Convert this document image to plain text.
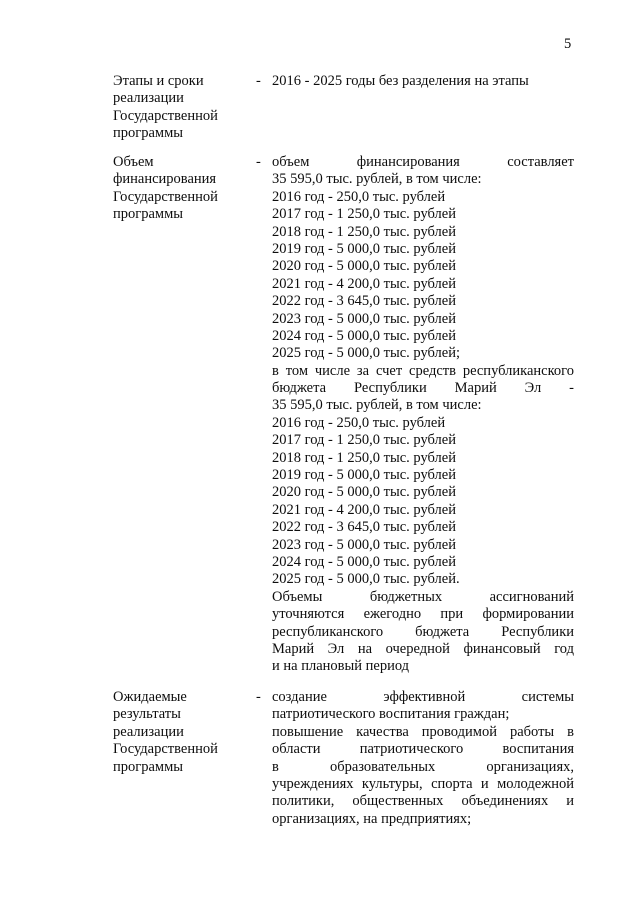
5
Этапы и сроки
реализации
Государственной
программы
- 2016 - 2025 годы без разделения на этапы
Объем
финансирования
Государственной
программы
- объем финансирования составляет
35 595,0 тыс. рублей, в том числе:
2016 год - 250,0 тыс. рублей
2017 год - 1 250,0 тыс. рублей
2018 год - 1 250,0 тыс. рублей
2019 год - 5 000,0 тыс. рублей
2020 год - 5 000,0 тыс. рублей
2021 год - 4 200,0 тыс. рублей
2022 год - 3 645,0 тыс. рублей
2023 год - 5 000,0 тыс. рублей
2024 год - 5 000,0 тыс. рублей
2025 год - 5 000,0 тыс. рублей;
в том числе за счет средств республиканского
бюджета Республики Марий Эл -
35 595,0 тыс. рублей, в том числе:
2016 год - 250,0 тыс. рублей
2017 год - 1 250,0 тыс. рублей
2018 год - 1 250,0 тыс. рублей
2019 год - 5 000,0 тыс. рублей
2020 год - 5 000,0 тыс. рублей
2021 год - 4 200,0 тыс. рублей
2022 год - 3 645,0 тыс. рублей
2023 год - 5 000,0 тыс. рублей
2024 год - 5 000,0 тыс. рублей
2025 год - 5 000,0 тыс. рублей.
Объемы бюджетных ассигнований
уточняются ежегодно при формировании
республиканского бюджета Республики
Марий Эл на очередной финансовый год
и на плановый период
Ожидаемые
результаты
реализации
Государственной
программы
- создание эффективной системы
патриотического воспитания граждан;
повышение качества проводимой работы в
области патриотического воспитания
в образовательных организациях,
учреждениях культуры, спорта и молодежной
политики, общественных объединениях и
организациях, на предприятиях;
